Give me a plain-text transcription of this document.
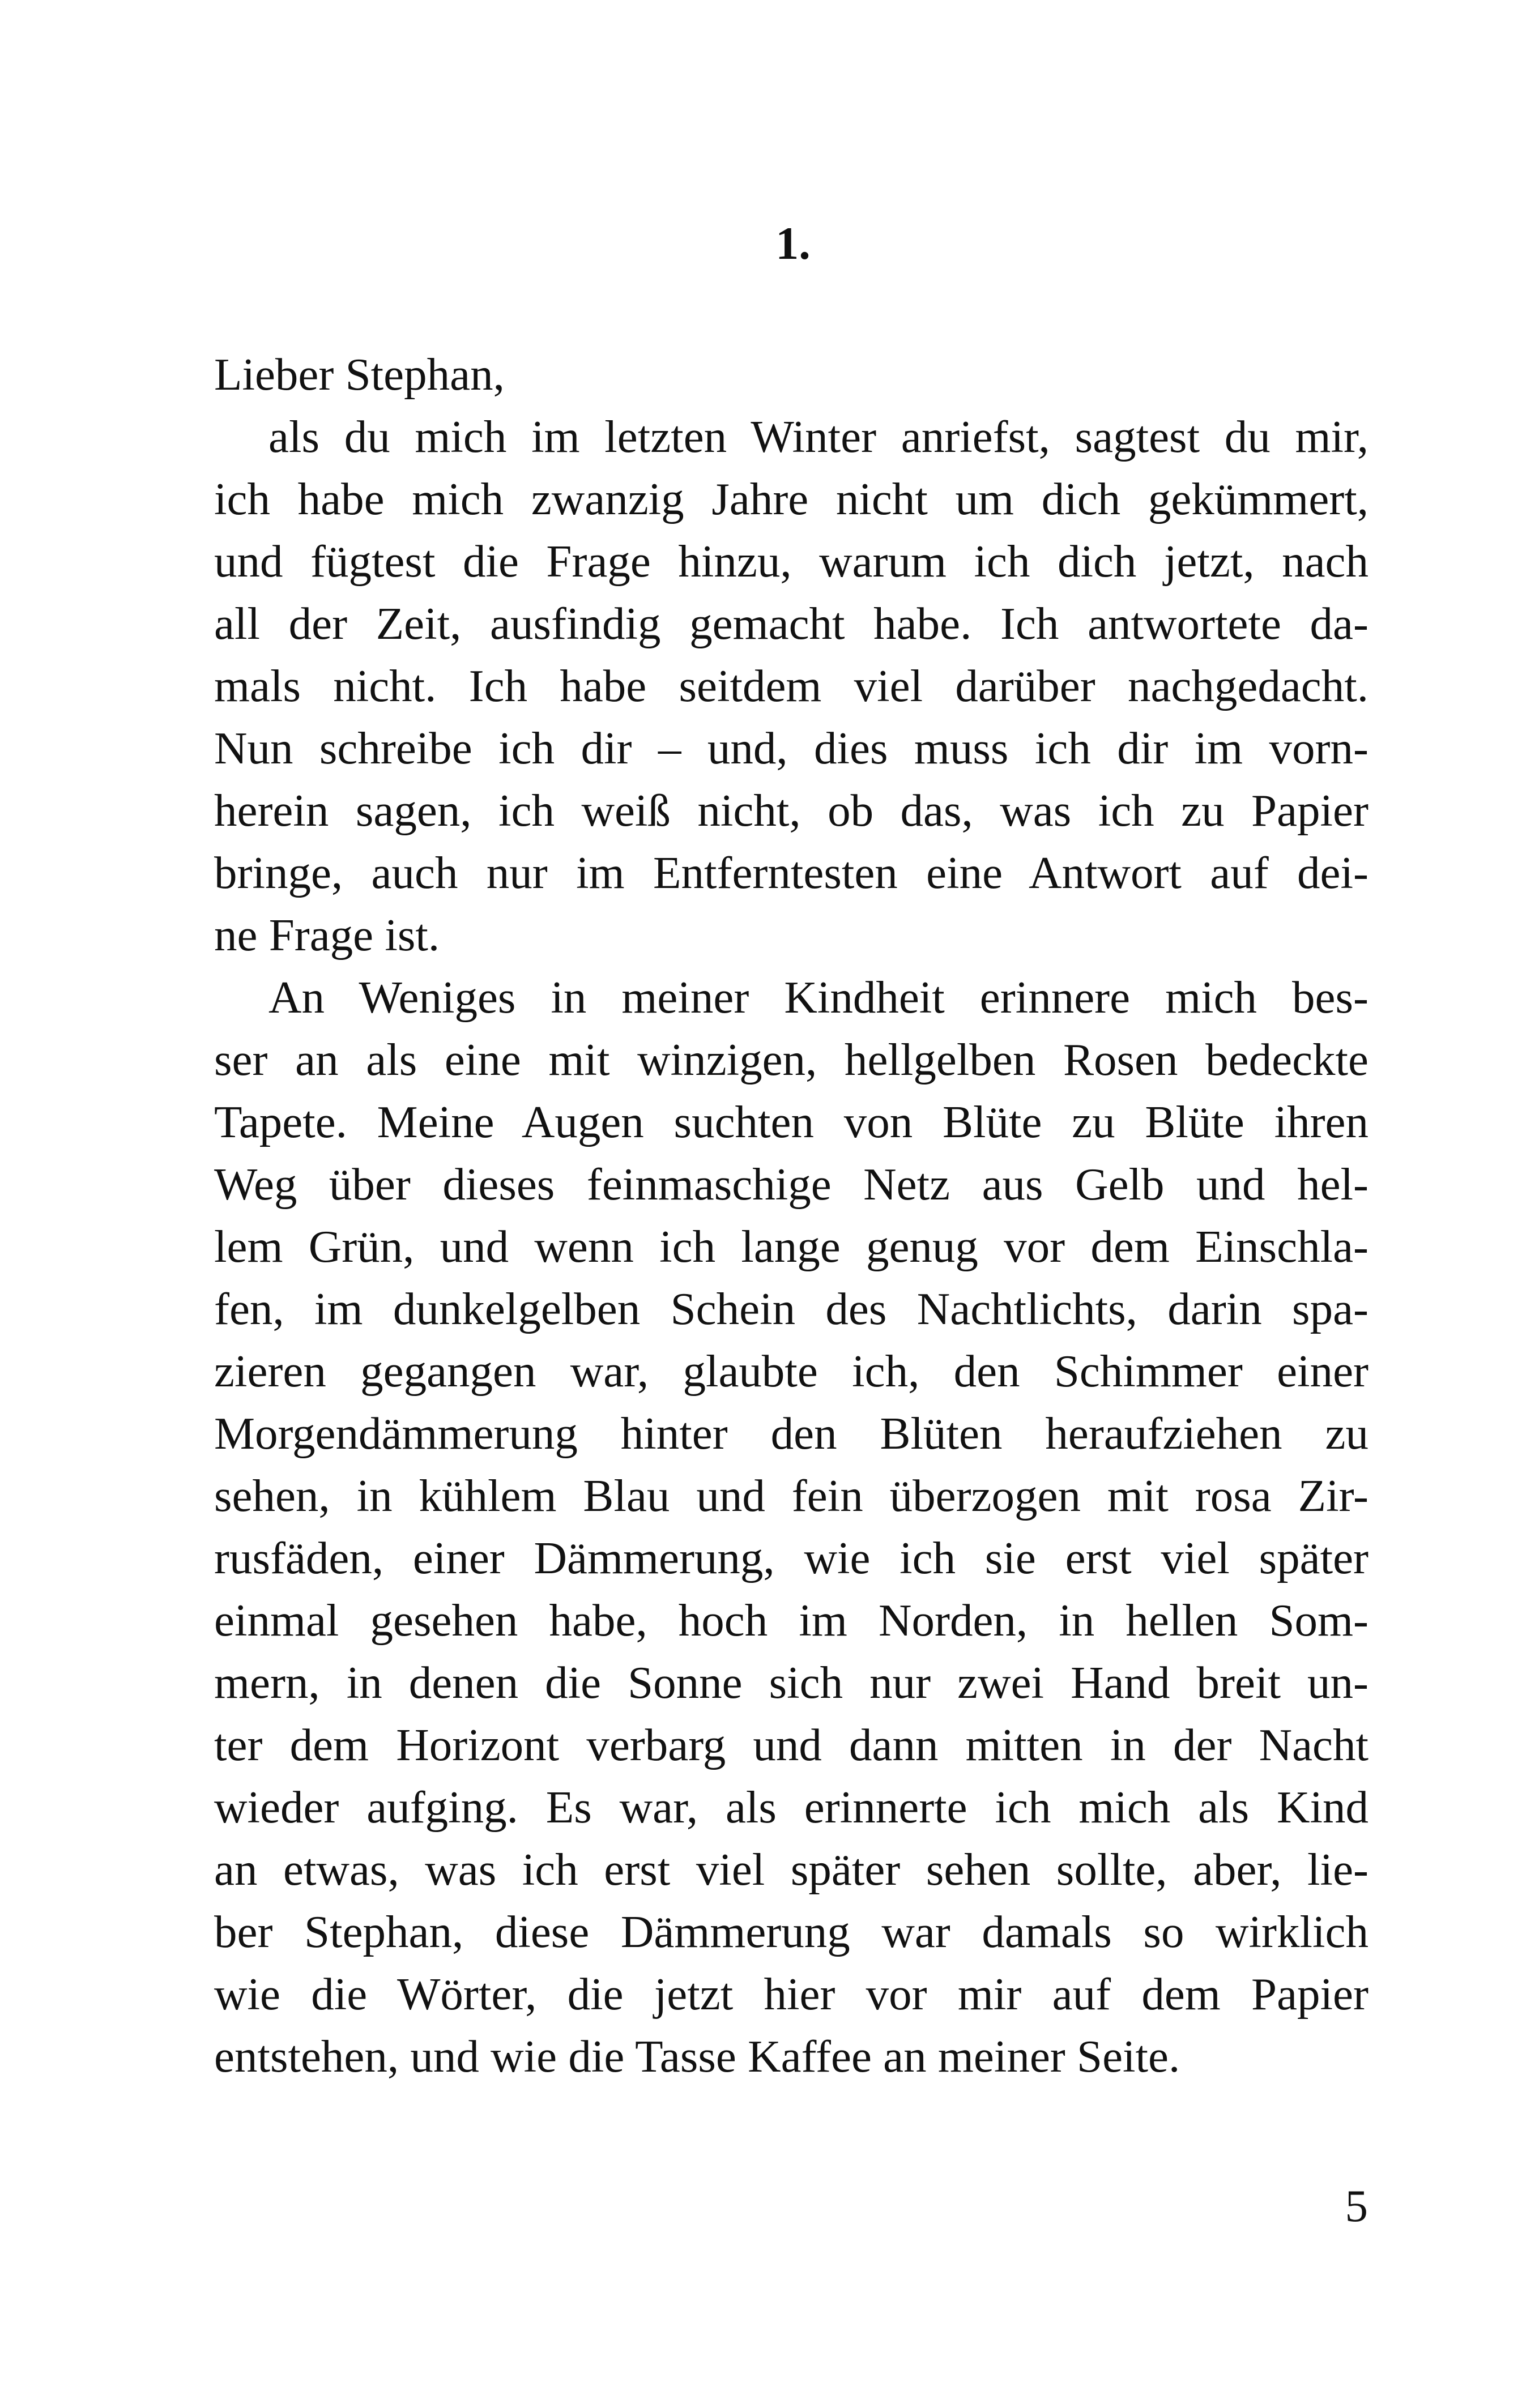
1.
Lieber Stephan,
als du mich im letzten Winter anriefst, sagtest du mir,
ich habe mich zwanzig Jahre nicht um dich gekümmert,
und fügtest die Frage hinzu, warum ich dich jetzt, nach
all der Zeit, ausfindig gemacht habe. Ich antwortete da-
mals nicht. Ich habe seitdem viel darüber nachgedacht.
Nun schreibe ich dir – und, dies muss ich dir im vorn-
herein sagen, ich weiß nicht, ob das, was ich zu Papier
bringe, auch nur im Entferntesten eine Antwort auf dei-
ne Frage ist.
An Weniges in meiner Kindheit erinnere mich bes-
ser an als eine mit winzigen, hellgelben Rosen bedeckte
Tapete. Meine Augen suchten von Blüte zu Blüte ihren
Weg über dieses feinmaschige Netz aus Gelb und hel-
lem Grün, und wenn ich lange genug vor dem Einschla-
fen, im dunkelgelben Schein des Nachtlichts, darin spa-
zieren gegangen war, glaubte ich, den Schimmer einer
Morgendämmerung hinter den Blüten heraufziehen zu
sehen, in kühlem Blau und fein überzogen mit rosa Zir-
rusfäden, einer Dämmerung, wie ich sie erst viel später
einmal gesehen habe, hoch im Norden, in hellen Som-
mern, in denen die Sonne sich nur zwei Hand breit un-
ter dem Horizont verbarg und dann mitten in der Nacht
wieder aufging. Es war, als erinnerte ich mich als Kind
an etwas, was ich erst viel später sehen sollte, aber, lie-
ber Stephan, diese Dämmerung war damals so wirklich
wie die Wörter, die jetzt hier vor mir auf dem Papier
entstehen, und wie die Tasse Kaffee an meiner Seite.
5
